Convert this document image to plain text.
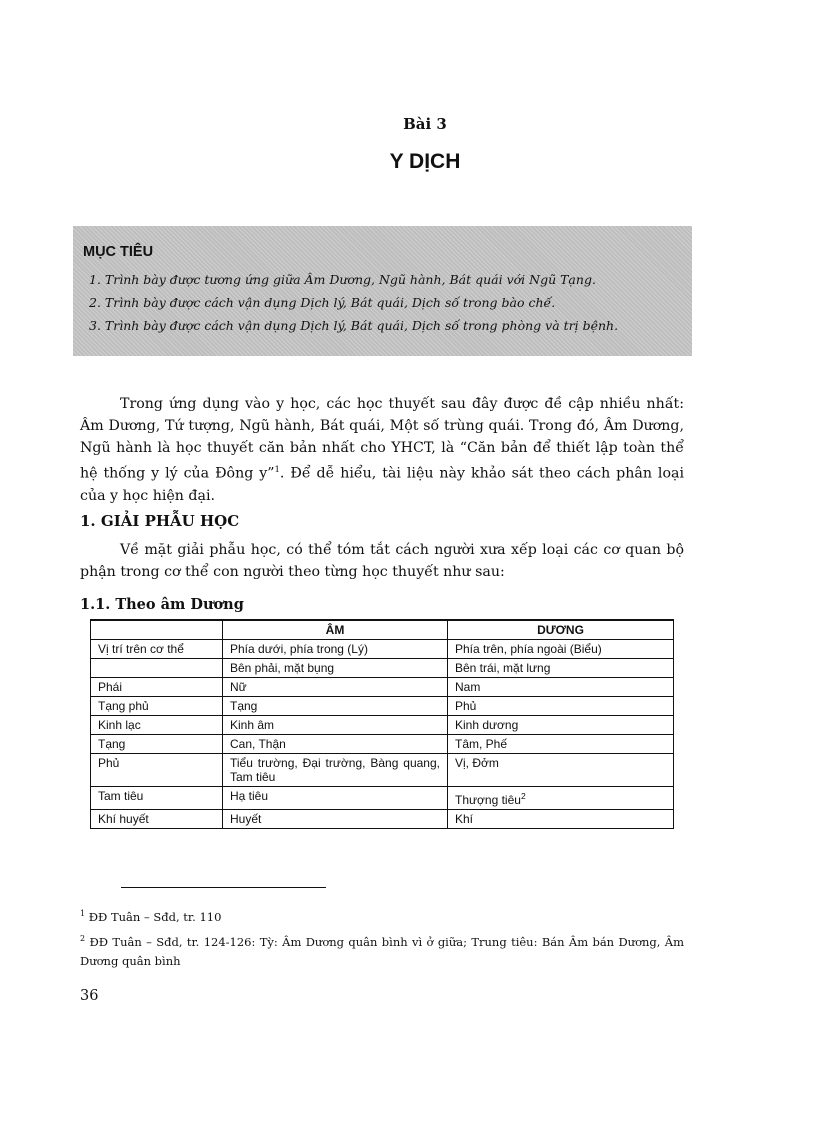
Bài 3
Y DỊCH
MỤC TIÊU
1. Trình bày được tương ứng giữa Âm Dương, Ngũ hành, Bát quái với Ngũ Tạng.
2. Trình bày được cách vận dụng Dịch lý, Bát quái, Dịch số trong bào chế.
3. Trình bày được cách vận dụng Dịch lý, Bát quái, Dịch số trong phòng và trị bệnh.
Trong ứng dụng vào y học, các học thuyết sau đây được đề cập nhiều nhất: Âm Dương, Tứ tượng, Ngũ hành, Bát quái, Một số trùng quái. Trong đó, Âm Dương, Ngũ hành là học thuyết căn bản nhất cho YHCT, là “Căn bản để thiết lập toàn thể hệ thống y lý của Đông y”$^1$. Để dễ hiểu, tài liệu này khảo sát theo cách phân loại của y học hiện đại.
1. GIẢI PHẪU HỌC
Về mặt giải phẫu học, có thể tóm tắt cách người xưa xếp loại các cơ quan bộ phận trong cơ thể con người theo từng học thuyết như sau:
1.1. Theo âm Dương
	ÂM	DƯƠNG
Vị trí trên cơ thể	Phía dưới, phía trong (Lý)	Phía trên, phía ngoài (Biểu)
	Bên phải, mặt bụng	Bên trái, mặt lưng
Phái	Nữ	Nam
Tạng phủ	Tạng	Phủ
Kinh lạc	Kinh âm	Kinh dương
Tạng	Can, Thận	Tâm, Phế
Phủ	Tiểu trường, Đại trường, Bàng quang, Tam tiêu	Vị, Đởm
Tam tiêu	Hạ tiêu	Thượng tiêu$^2$
Khí huyết	Huyết	Khí
$^1$ ĐĐ Tuân – Sđd, tr. 110
$^2$ ĐĐ Tuân – Sđd, tr. 124-126: Tỳ: Âm Dương quân bình vì ở giữa; Trung tiêu: Bán Âm bán Dương, Âm Dương quân bình
36
